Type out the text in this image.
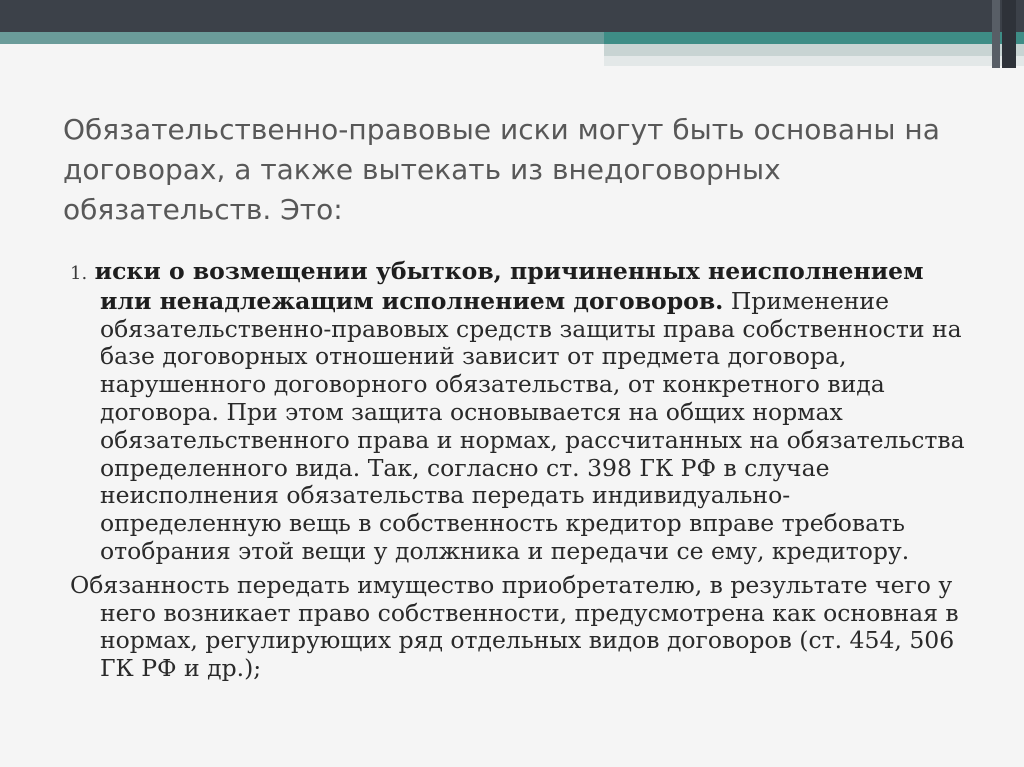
Обязательственно-правовые иски могут быть основаны на договорах, а также вытекать из внедоговорных обязательств. Это:

1. иски о возмещении убытков, причиненных неисполнением или ненадлежащим исполнением договоров. Применение обязательственно-правовых средств защиты права собственности на базе договорных отношений зависит от предмета договора, нарушенного договорного обязательства, от конкретного вида договора. При этом защита основывается на общих нормах обязательственного права и нормах, рассчитанных на обязательства определенного вида. Так, согласно ст. 398 ГК РФ в случае неисполнения обязательства передать индивидуально-определенную вещь в собственность кредитор вправе требовать отобрания этой вещи у должника и передачи се ему, кредитору.

Обязанность передать имущество приобретателю, в результате чего у него возникает право собственности, предусмотрена как основная в нормах, регулирующих ряд отдельных видов договоров (ст. 454, 506 ГК РФ и др.);
